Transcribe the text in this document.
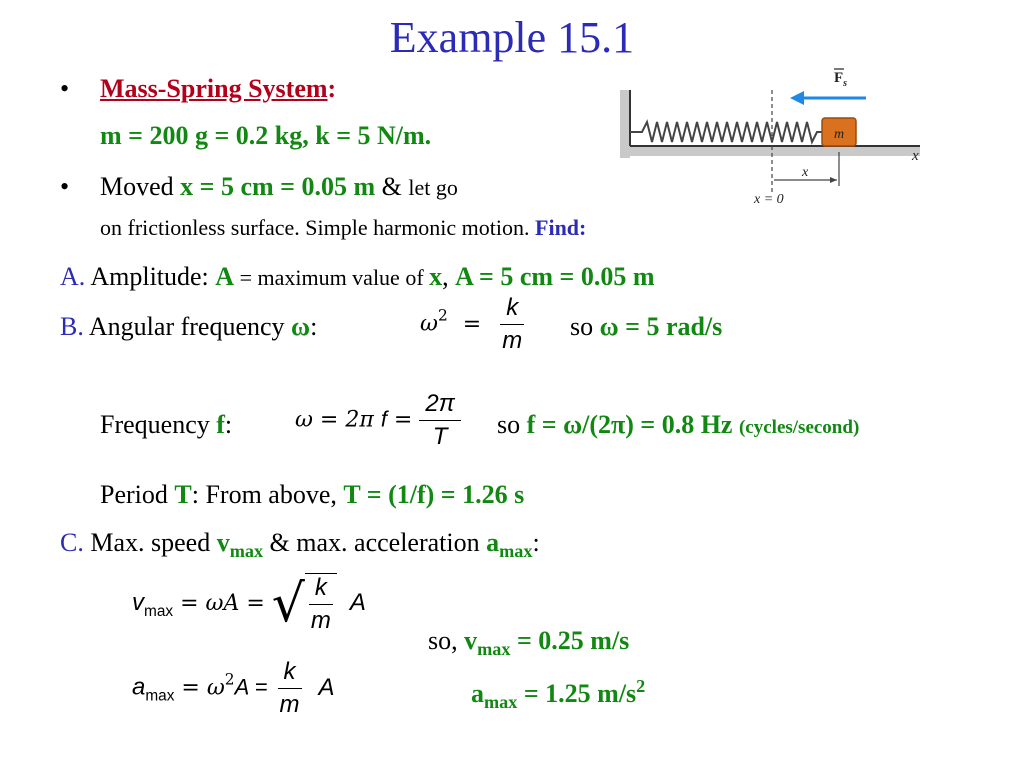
Example 15.1
• Mass-Spring System:
m = 200 g = 0.2 kg, k = 5 N/m.
• Moved x = 5 cm = 0.05 m & let go
on frictionless surface. Simple harmonic motion. Find:
m
$F_s$
x
x
x = 0
A. Amplitude: A = maximum value of x, A = 5 cm = 0.05 m
B. Angular frequency ω:	$\omega^2 = \frac{k}{m}$ so ω = 5 rad/s
Frequency f:	ω = 2π $f = \frac{2\pi}{T}$ so f = ω/(2π) = 0.8 Hz (cycles/second)
Period T: From above, T = (1/f) = 1.26 s
C. Max. speed $v_{max}$ & max. acceleration $a_{max}$:
$v_{max} = \omega A$ = √ $\frac{k}{m}$ A
$a_{max} = \omega^2A = \frac{k}{m}$ A
so, $v_{max} = 0.25$ m/s
$a_{max} = 1.25$ $m/s^2$
